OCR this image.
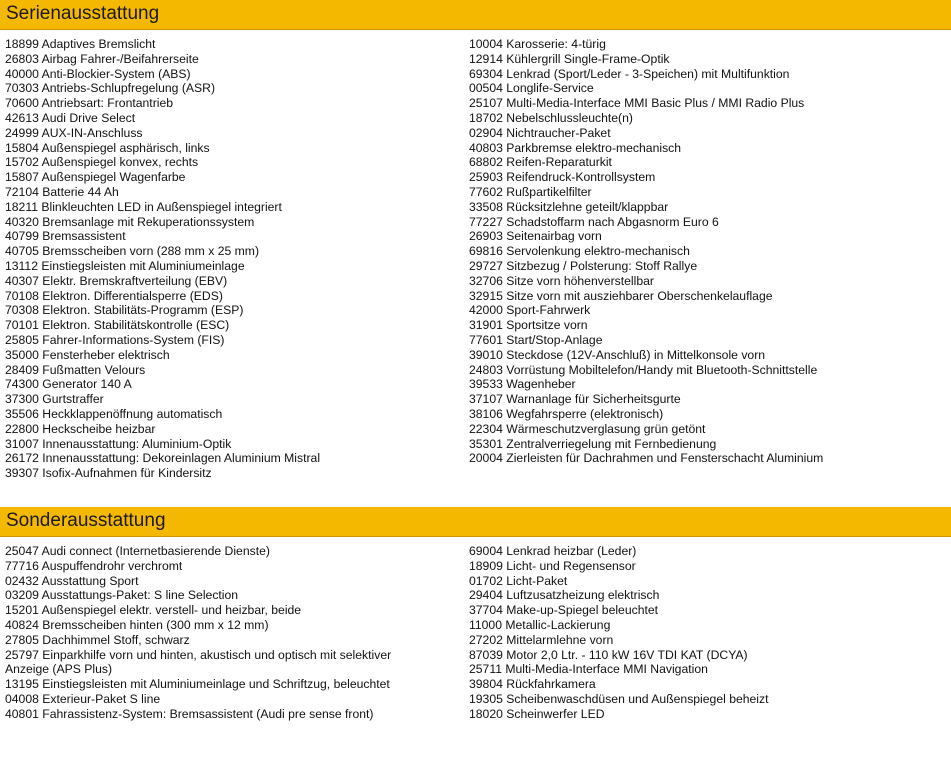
Serienausstattung
18899 Adaptives Bremslicht
26803 Airbag Fahrer-/Beifahrerseite
40000 Anti-Blockier-System (ABS)
70303 Antriebs-Schlupfregelung (ASR)
70600 Antriebsart: Frontantrieb
42613 Audi Drive Select
24999 AUX-IN-Anschluss
15804 Außenspiegel asphärisch, links
15702 Außenspiegel konvex, rechts
15807 Außenspiegel Wagenfarbe
72104 Batterie 44 Ah
18211 Blinkleuchten LED in Außenspiegel integriert
40320 Bremsanlage mit Rekuperationssystem
40799 Bremsassistent
40705 Bremsscheiben vorn (288 mm x 25 mm)
13112 Einstiegsleisten mit Aluminiumeinlage
40307 Elektr. Bremskraftverteilung (EBV)
70108 Elektron. Differentialsperre (EDS)
70308 Elektron. Stabilitäts-Programm (ESP)
70101 Elektron. Stabilitätskontrolle (ESC)
25805 Fahrer-Informations-System (FIS)
35000 Fensterheber elektrisch
28409 Fußmatten Velours
74300 Generator 140 A
37300 Gurtstraffer
35506 Heckklappenöffnung automatisch
22800 Heckscheibe heizbar
31007 Innenausstattung: Aluminium-Optik
26172 Innenausstattung: Dekoreinlagen Aluminium Mistral
39307 Isofix-Aufnahmen für Kindersitz
10004 Karosserie: 4-türig
12914 Kühlergrill Single-Frame-Optik
69304 Lenkrad (Sport/Leder - 3-Speichen) mit Multifunktion
00504 Longlife-Service
25107 Multi-Media-Interface MMI Basic Plus / MMI Radio Plus
18702 Nebelschlussleuchte(n)
02904 Nichtraucher-Paket
40803 Parkbremse elektro-mechanisch
68802 Reifen-Reparaturkit
25903 Reifendruck-Kontrollsystem
77602 Rußpartikelfilter
33508 Rücksitzlehne geteilt/klappbar
77227 Schadstoffarm nach Abgasnorm Euro 6
26903 Seitenairbag vorn
69816 Servolenkung elektro-mechanisch
29727 Sitzbezug / Polsterung: Stoff Rallye
32706 Sitze vorn höhenverstellbar
32915 Sitze vorn mit ausziehbarer Oberschenkelauflage
42000 Sport-Fahrwerk
31901 Sportsitze vorn
77601 Start/Stop-Anlage
39010 Steckdose (12V-Anschluß) in Mittelkonsole vorn
24803 Vorrüstung Mobiltelefon/Handy mit Bluetooth-Schnittstelle
39533 Wagenheber
37107 Warnanlage für Sicherheitsgurte
38106 Wegfahrsperre (elektronisch)
22304 Wärmeschutzverglasung grün getönt
35301 Zentralverriegelung mit Fernbedienung
20004 Zierleisten für Dachrahmen und Fensterschacht Aluminium
Sonderausstattung
25047 Audi connect (Internetbasierende Dienste)
77716 Auspuffendrohr verchromt
02432 Ausstattung Sport
03209 Ausstattungs-Paket: S line Selection
15201 Außenspiegel elektr. verstell- und heizbar, beide
40824 Bremsscheiben hinten (300 mm x 12 mm)
27805 Dachhimmel Stoff, schwarz
25797 Einparkhilfe vorn und hinten, akustisch und optisch mit selektiver Anzeige (APS Plus)
13195 Einstiegsleisten mit Aluminiumeinlage und Schriftzug, beleuchtet
04008 Exterieur-Paket S line
40801 Fahrassistenz-System: Bremsassistent (Audi pre sense front)
69004 Lenkrad heizbar (Leder)
18909 Licht- und Regensensor
01702 Licht-Paket
29404 Luftzusatzheizung elektrisch
37704 Make-up-Spiegel beleuchtet
11000 Metallic-Lackierung
27202 Mittelarmlehne vorn
87039 Motor 2,0 Ltr. - 110 kW 16V TDI KAT (DCYA)
25711 Multi-Media-Interface MMI Navigation
39804 Rückfahrkamera
19305 Scheibenwaschdüsen und Außenspiegel beheizt
18020 Scheinwerfer LED
